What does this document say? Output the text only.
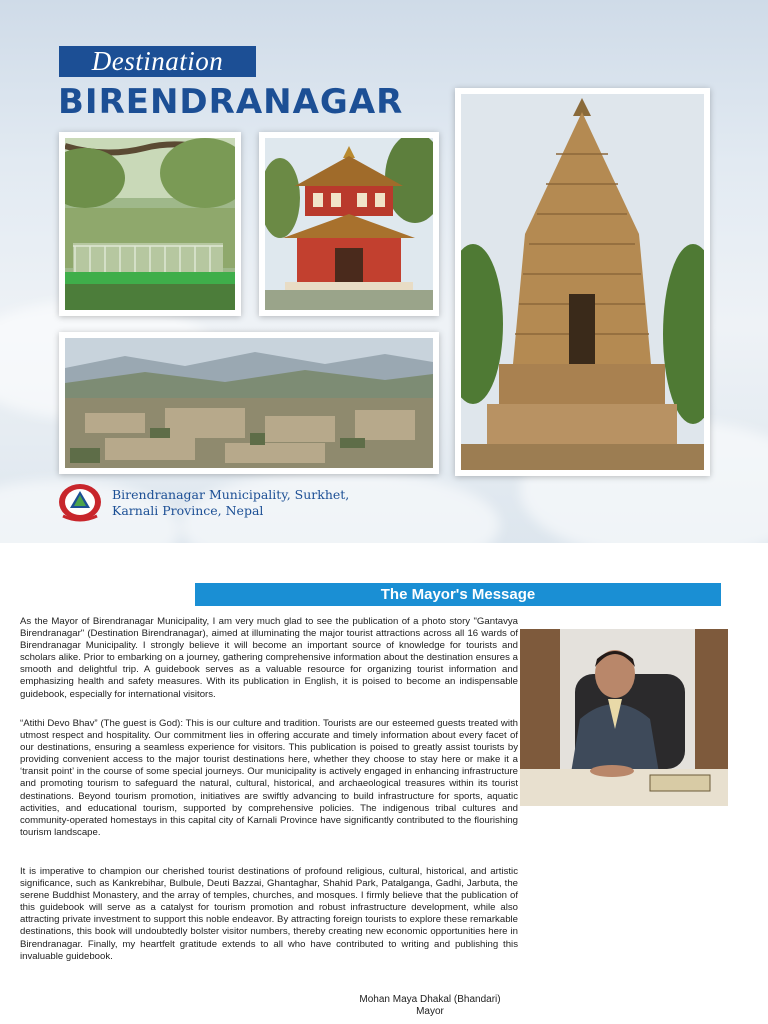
Destination
BIRENDRANAGAR
Birendranagar Municipality, Surkhet,
Karnali Province, Nepal
The Mayor's Message

As the Mayor of Birendranagar Municipality, I am very much glad to see the publication of a photo story "Gantavya Birendranagar" (Destination Birendranagar), aimed at illuminating the major tourist attractions across all 16 wards of Birendranagar Municipality. I strongly believe it will become an important source of knowledge for tourists and scholars alike. Prior to embarking on a journey, gathering comprehensive information about the destination ensures a smooth and delightful trip. A guidebook serves as a valuable resource for organizing tourist information and emphasizing health and safety measures. With its publication in English, it is poised to become an indispensable guidebook, especially for international visitors.

“Atithi Devo Bhav” (The guest is God): This is our culture and tradition. Tourists are our esteemed guests treated with utmost respect and hospitality. Our commitment lies in offering accurate and timely information about every facet of our destinations, ensuring a seamless experience for visitors. This publication is poised to greatly assist tourists by providing convenient access to the major tourist destinations here, whether they choose to stay here or make it a ‘transit point’ in the course of some special journeys. Our municipality is actively engaged in enhancing infrastructure and promoting tourism to safeguard the natural, cultural, historical, and archaeological treasures within its tourist destinations. Beyond tourism promotion, initiatives are swiftly advancing to build infrastructure for sports, aquatic activities, and educational tourism, supported by comprehensive policies. The indigenous tribal cultures and community-operated homestays in this capital city of Karnali Province have significantly contributed to the flourishing tourism landscape.

It is imperative to champion our cherished tourist destinations of profound religious, cultural, historical, and artistic significance, such as Kankrebihar, Bulbule, Deuti Bazzai, Ghantaghar, Shahid Park, Patalganga, Gadhi, Jarbuta, the serene Buddhist Monastery, and the array of temples, churches, and mosques. I firmly believe that the publication of this guidebook will serve as a catalyst for tourism promotion and robust infrastructure development, while also attracting private investment to support this noble endeavor. By attracting foreign tourists to explore these remarkable destinations, this book will undoubtedly bolster visitor numbers, thereby creating new economic opportunities here in Birendranagar. Finally, my heartfelt gratitude extends to all who have contributed to writing and publishing this invaluable guidebook.

Mohan Maya Dhakal (Bhandari)
Mayor
